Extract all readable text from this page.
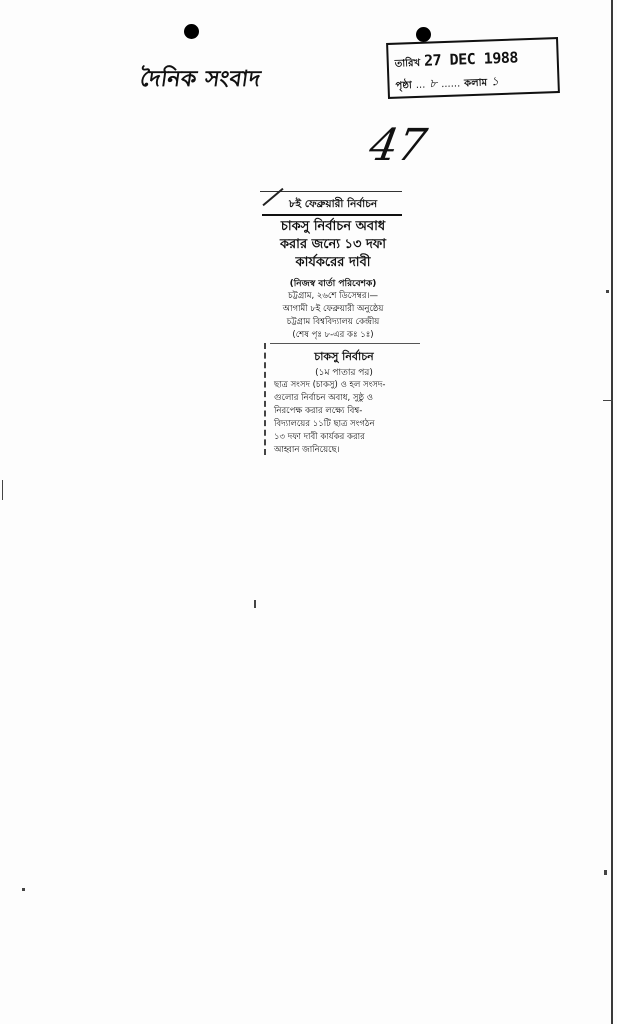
দৈনিক সংবাদ
তারিখ 27 DEC 1988
পৃষ্ঠা ... ৮ ...... কলাম ১
47
৮ই ফেব্রুয়ারী নির্বাচন
চাকসু নির্বাচন অবাধ
করার জন্যে ১৩ দফা
কার্যকরের দাবী
(নিজস্ব বার্তা পরিবেশক)
চট্টগ্রাম, ২৬শে ডিসেম্বর।—
আগামী ৮ই ফেব্রুয়ারী অনুষ্ঠেয়
চট্টগ্রাম বিশ্ববিদ্যালয় কেন্দ্রীয়
(শেষ পৃঃ ৮-এর কঃ ১ঃ)
চাকসু নির্বাচন
(১ম পাতার পর)
ছাত্র সংসদ (চাকসু) ও হল সংসদ-
গুলোর নির্বাচন অবাধ, সুষ্ঠু ও
নিরপেক্ষ করার লক্ষ্যে বিশ্ব-
বিদ্যালয়ের ১১টি ছাত্র সংগঠন
১৩ দফা দাবী কার্যকর করার
আহ্বান জানিয়েছে।
